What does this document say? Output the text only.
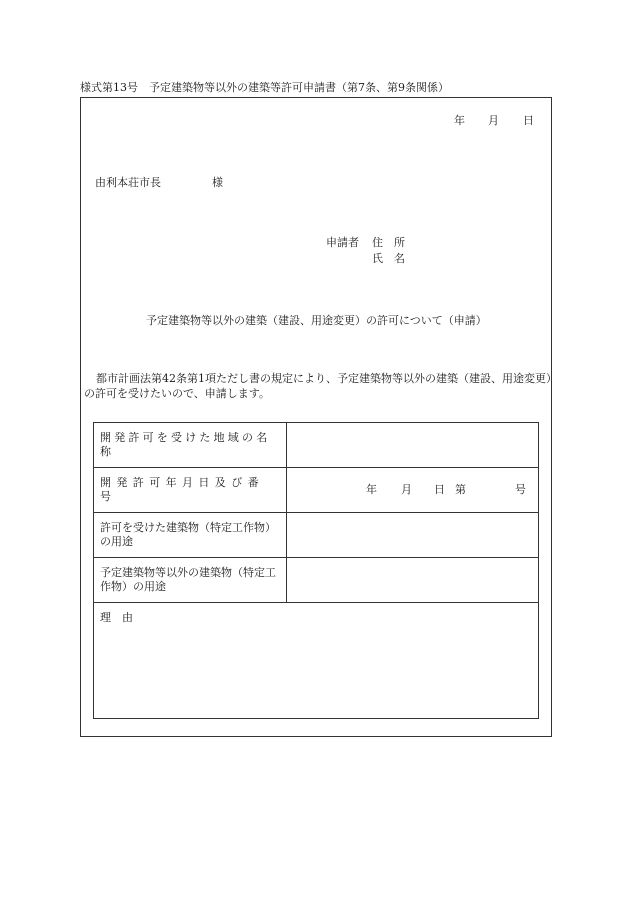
様式第13号　予定建築物等以外の建築等許可申請書（第7条、第9条関係）
年 月 日
由利本荘市長	様
申請者 住　所
氏　名
予定建築物等以外の建築（建設、用途変更）の許可について（申請）
都市計画法第42条第1項ただし書の規定により、予定建築物等以外の建築（建設、用途変更）の許可を受けたいので、申請します。
開発許可を受けた地域の名称	
開発許可年月日及び番号	年 月 日 第 号

許可を受けた建築物（特定工作物）の用途	
予定建築物等以外の建築物（特定工作物）の用途	
理　由	
